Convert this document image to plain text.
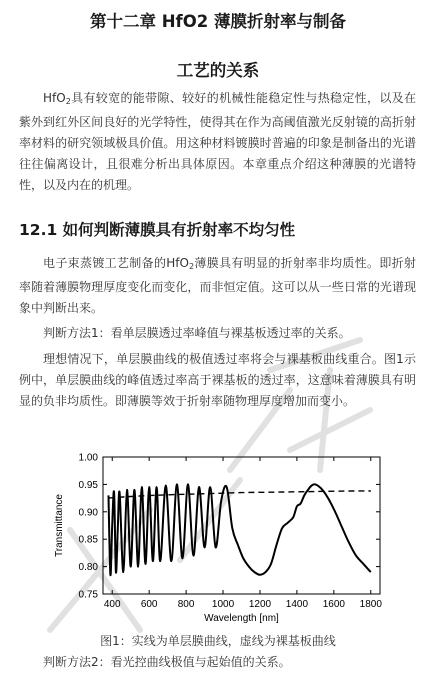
第十二章 HfO2 薄膜折射率与制备
工艺的关系
HfO$_2$具有较宽的能带隙、较好的机械性能稳定性与热稳定性，以及在紫外到红外区间良好的光学特性，使得其在作为高阈值激光反射镜的高折射率材料的研究领域极具价值。用这种材料镀膜时普遍的印象是制备出的光谱往往偏离设计，且很难分析出具体原因。本章重点介绍这种薄膜的光谱特性，以及内在的机理。
12.1 如何判断薄膜具有折射率不均匀性
电子束蒸镀工艺制备的HfO$_2$薄膜具有明显的折射率非均质性。即折射率随着薄膜物理厚度变化而变化，而非恒定值。这可以从一些日常的光谱现象中判断出来。
判断方法1：看单层膜透过率峰值与裸基板透过率的关系。
理想情况下，单层膜曲线的极值透过率将会与裸基板曲线重合。图1示例中，单层膜曲线的峰值透过率高于裸基板的透过率，这意味着薄膜具有明显的负非均质性。即薄膜等效于折射率随物理厚度增加而变小。
400 600 800 1000 1200 1400 1600 1800
0.75
0.80
0.85
0.90
0.95
1.00
Wavelength [nm]
Transmittance
图1：实线为单层膜曲线，虚线为裸基板曲线
判断方法2：看光控曲线极值与起始值的关系。
